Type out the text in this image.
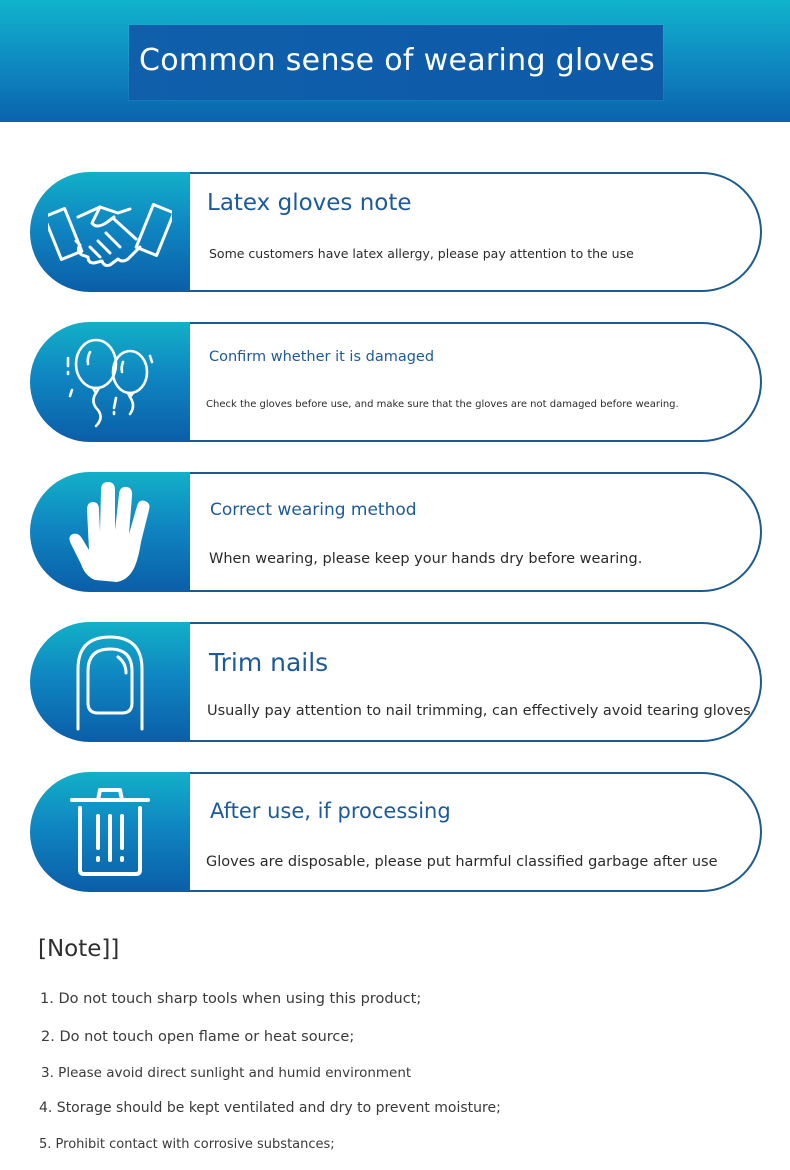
Common sense of wearing gloves
Latex gloves note
Some customers have latex allergy, please pay attention to the use
Confirm whether it is damaged
Check the gloves before use, and make sure that the gloves are not damaged before wearing.
Correct wearing method
When wearing, please keep your hands dry before wearing.
Trim nails
Usually pay attention to nail trimming, can effectively avoid tearing gloves
After use, if processing
Gloves are disposable, please put harmful classified garbage after use
[Note]]
1. Do not touch sharp tools when using this product;
2. Do not touch open flame or heat source;
3. Please avoid direct sunlight and humid environment
4. Storage should be kept ventilated and dry to prevent moisture;
5. Prohibit contact with corrosive substances;
